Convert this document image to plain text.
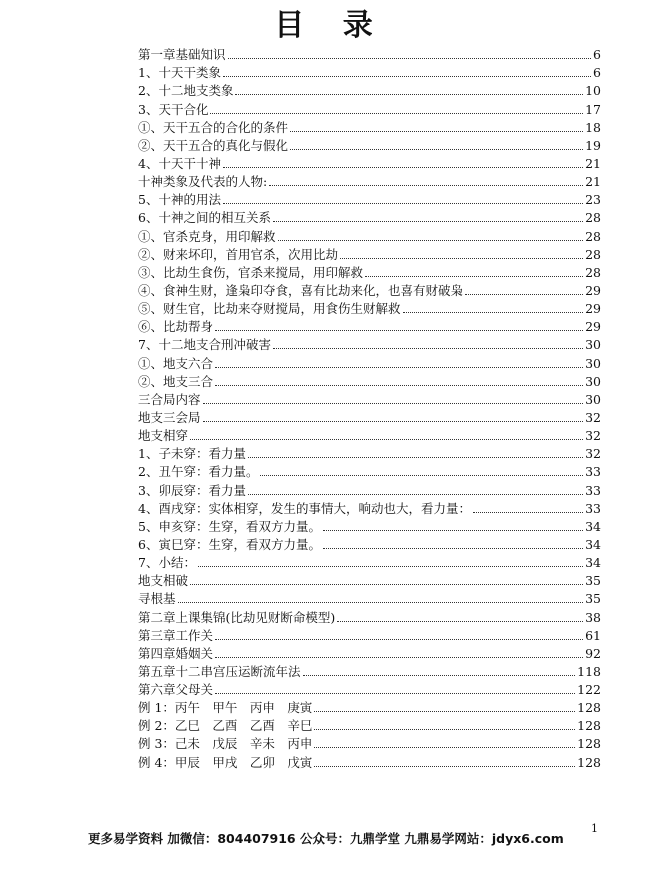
目 录
第一章基础知识	6
1、十天干类象	6
2、十二地支类象	10
3、天干合化	17
①、天干五合的合化的条件	18
②、天干五合的真化与假化	19
4、十天干十神	21
十神类象及代表的人物:	21
5、十神的用法	23
6、十神之间的相互关系	28
①、官杀克身，用印解救	28
②、财来坏印，首用官杀，次用比劫	28
③、比劫生食伤，官杀来搅局，用印解救	28
④、食神生财，逢枭印夺食，喜有比劫来化，也喜有财破枭	29
⑤、财生官，比劫来夺财搅局，用食伤生财解救	29
⑥、比劫帮身	29
7、十二地支合刑冲破害	30
①、地支六合	30
②、地支三合	30
三合局内容	30
地支三会局	32
地支相穿	32
1、子未穿：看力量	32
2、丑午穿：看力量。	33
3、卯辰穿：看力量	33
4、酉戌穿：实体相穿，发生的事情大，响动也大，看力量：	33
5、申亥穿：生穿，看双方力量。	34
6、寅巳穿：生穿，看双方力量。	34
7、小结：	34
地支相破	35
寻根基	35
第二章上课集锦(比劫见财断命模型)	38
第三章工作关	61
第四章婚姻关	92
第五章十二串宫压运断流年法	118
第六章父母关	122
例 1：丙午　甲午　丙申　庚寅	128
例 2：乙巳　乙酉　乙酉　辛巳	128
例 3：己未　戊辰　辛未　丙申	128
例 4：甲辰　甲戌　乙卯　戊寅	128
更多易学资料 加微信：804407916 公众号：九鼎学堂 九鼎易学网站：jdyx6.com
1
